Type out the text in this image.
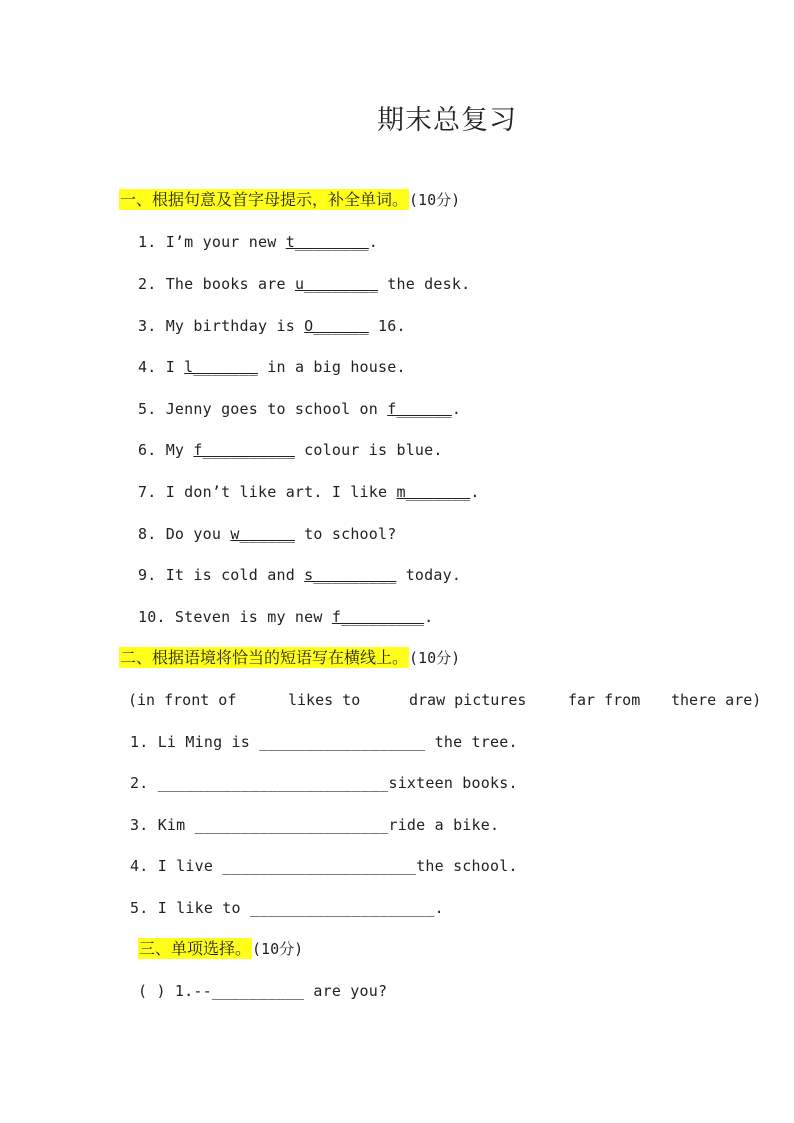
期末总复习
一、根据句意及首字母提示，补全单词。(10分)
1. I’m your new t________.
2. The books are u________ the desk.
3. My birthday is O______ 16.
4. I l_______ in a big house.
5. Jenny goes to school on f______.
6. My f__________ colour is blue.
7. I don’t like art. I like m_______.
8. Do you w______ to school?
9. It is cold and s_________ today.
10. Steven is my new f_________.
二、根据语境将恰当的短语写在横线上。(10分)
(in front of	likes to	draw pictures	far from there are)
1. Li Ming is __________________ the tree.
2. _________________________sixteen books.
3. Kim _____________________ride a bike.
4. I live _____________________the school.
5. I like to ____________________.
三、单项选择。(10分)
( ) 1.--__________ are you?
